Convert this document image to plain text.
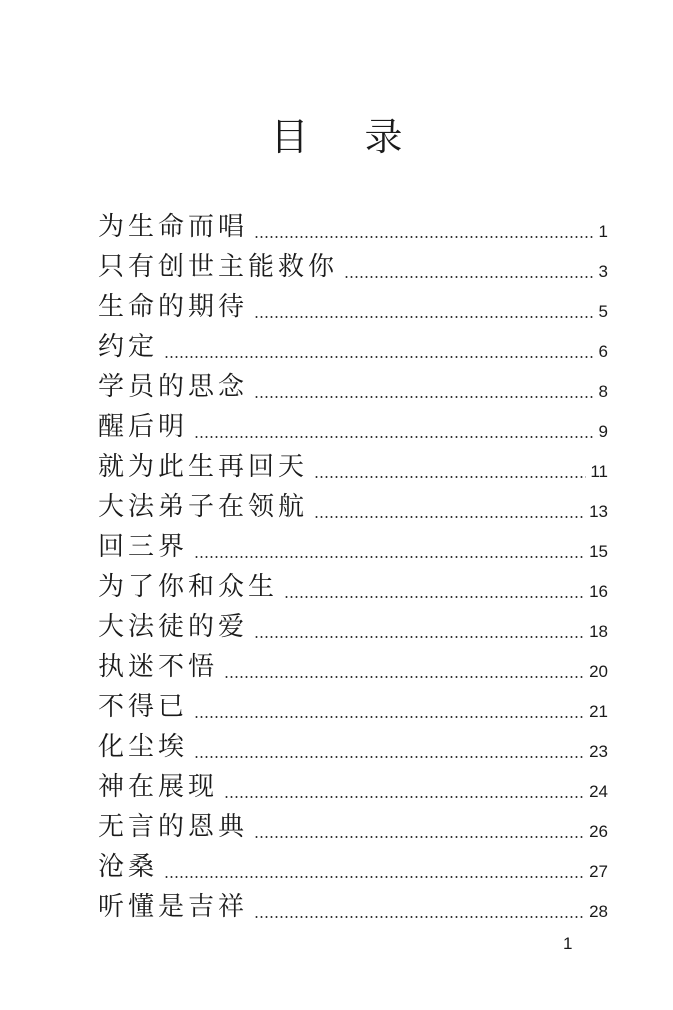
目 录
为生命而唱	1
只有创世主能救你	3
生命的期待	5
约定	6
学员的思念	8
醒后明	9
就为此生再回天	11
大法弟子在领航	13
回三界	15
为了你和众生	16
大法徒的爱	18
执迷不悟	20
不得已	21
化尘埃	23
神在展现	24
无言的恩典	26
沧桑	27
听懂是吉祥	28
1
